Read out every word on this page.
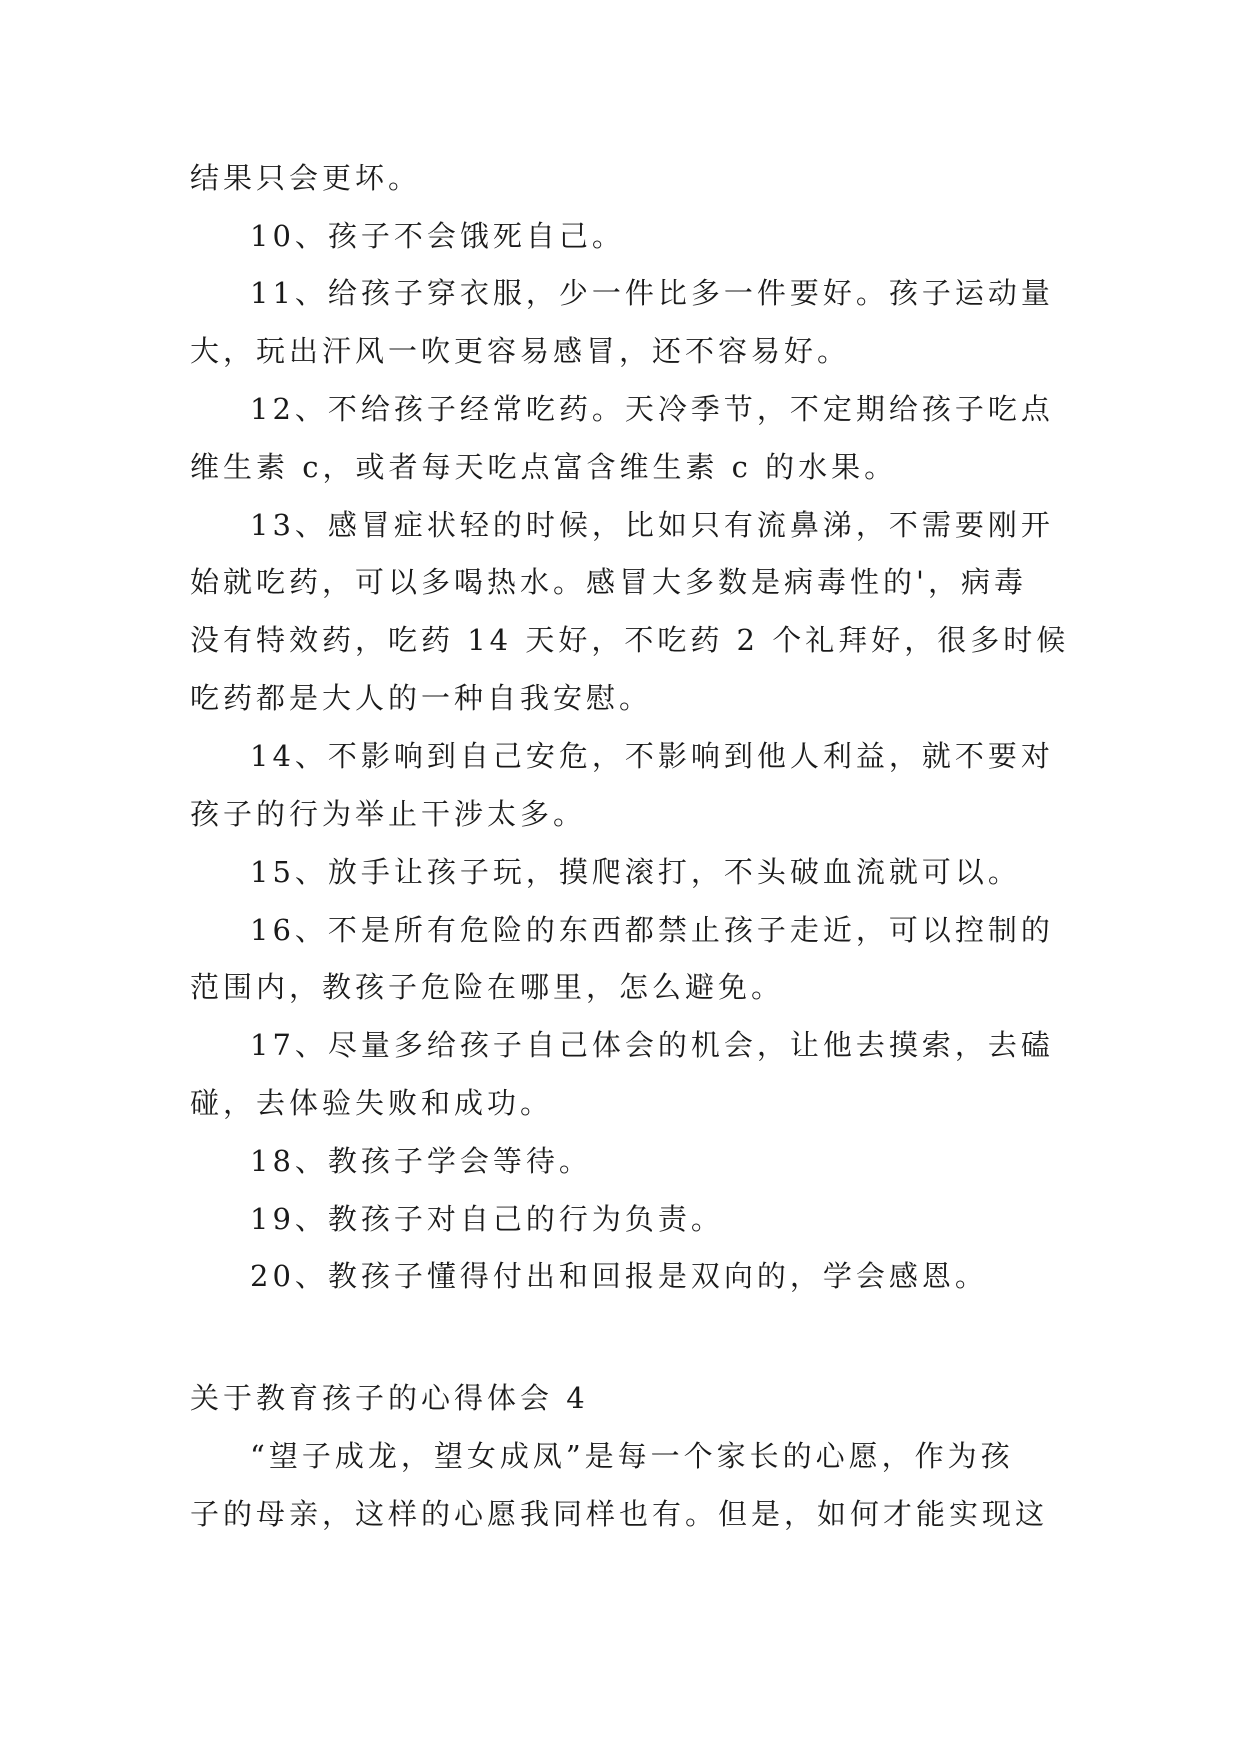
结果只会更坏。
10、孩子不会饿死自己。
11、给孩子穿衣服，少一件比多一件要好。孩子运动量
大，玩出汗风一吹更容易感冒，还不容易好。
12、不给孩子经常吃药。天冷季节，不定期给孩子吃点
维生素 c，或者每天吃点富含维生素 c 的水果。
13、感冒症状轻的时候，比如只有流鼻涕，不需要刚开
始就吃药，可以多喝热水。感冒大多数是病毒性的'，病毒
没有特效药，吃药 14 天好，不吃药 2 个礼拜好，很多时候
吃药都是大人的一种自我安慰。
14、不影响到自己安危，不影响到他人利益，就不要对
孩子的行为举止干涉太多。
15、放手让孩子玩，摸爬滚打，不头破血流就可以。
16、不是所有危险的东西都禁止孩子走近，可以控制的
范围内，教孩子危险在哪里，怎么避免。
17、尽量多给孩子自己体会的机会，让他去摸索，去磕
碰，去体验失败和成功。
18、教孩子学会等待。
19、教孩子对自己的行为负责。
20、教孩子懂得付出和回报是双向的，学会感恩。
关于教育孩子的心得体会 4
“望子成龙，望女成凤”是每一个家长的心愿，作为孩
子的母亲，这样的心愿我同样也有。但是，如何才能实现这
